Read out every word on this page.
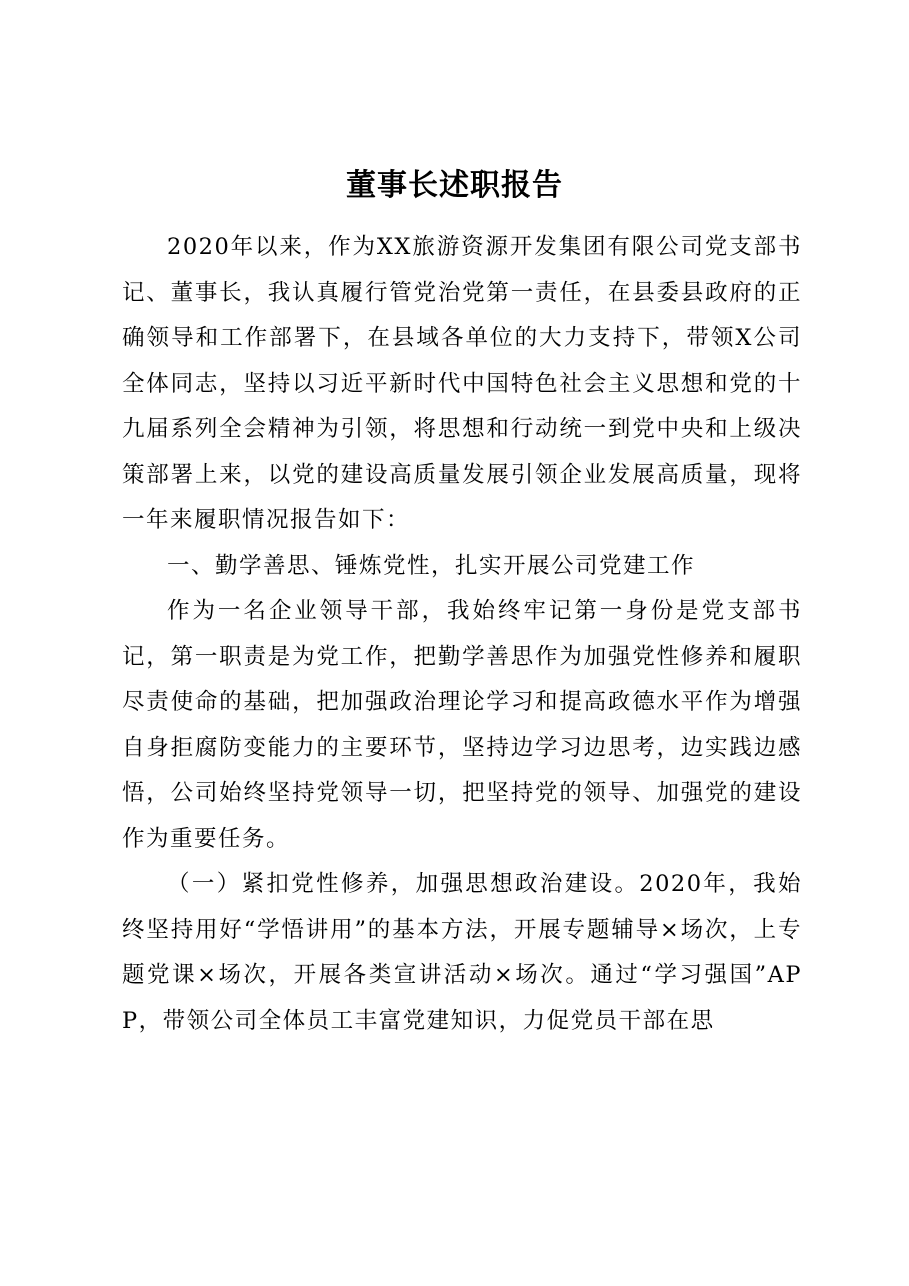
董事长述职报告

2020年以来，作为XX旅游资源开发集团有限公司党支部书记、董事长，我认真履行管党治党第一责任，在县委县政府的正确领导和工作部署下，在县域各单位的大力支持下，带领X公司全体同志，坚持以习近平新时代中国特色社会主义思想和党的十九届系列全会精神为引领，将思想和行动统一到党中央和上级决策部署上来，以党的建设高质量发展引领企业发展高质量，现将一年来履职情况报告如下：

一、勤学善思、锤炼党性，扎实开展公司党建工作

作为一名企业领导干部，我始终牢记第一身份是党支部书记，第一职责是为党工作，把勤学善思作为加强党性修养和履职尽责使命的基础，把加强政治理论学习和提高政德水平作为增强自身拒腐防变能力的主要环节，坚持边学习边思考，边实践边感悟，公司始终坚持党领导一切，把坚持党的领导、加强党的建设作为重要任务。

（一）紧扣党性修养，加强思想政治建设。2020年，我始终坚持用好“学悟讲用”的基本方法，开展专题辅导×场次，上专题党课×场次，开展各类宣讲活动×场次。通过“学习强国”APP，带领公司全体员工丰富党建知识，力促党员干部在思
